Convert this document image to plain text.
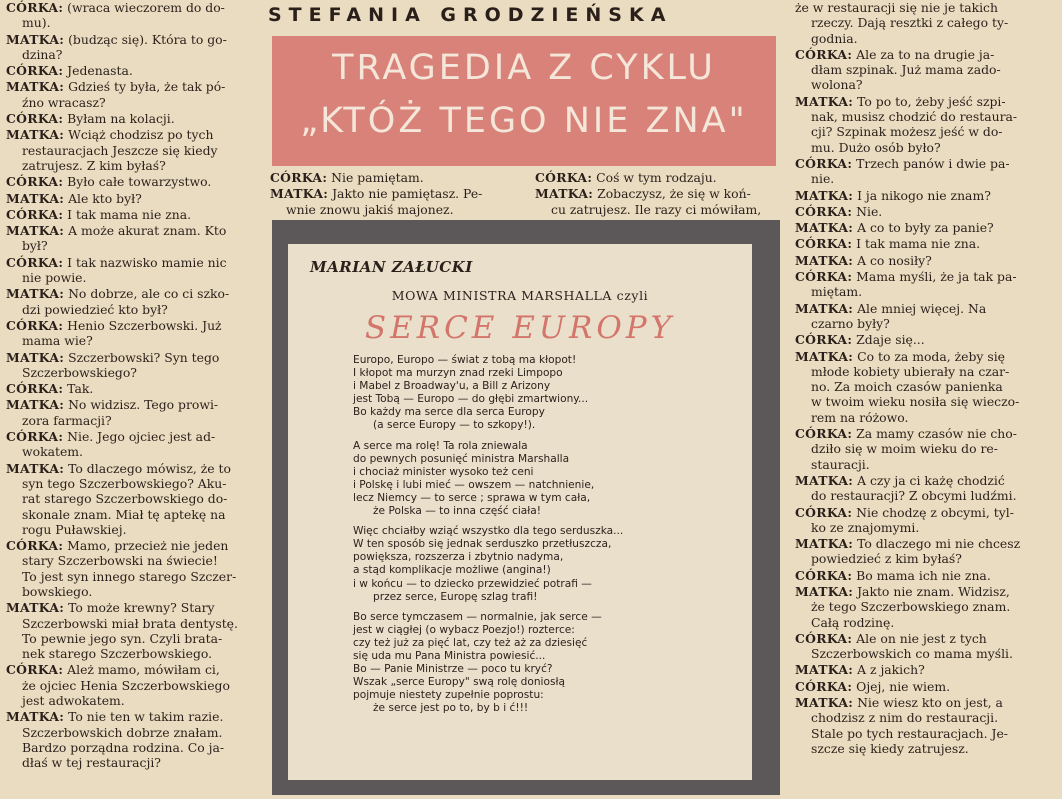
CÓRKA: (wraca wieczorem do do-
mu).
MATKA: (budząc się). Która to go-
dzina?
CÓRKA: Jedenasta.
MATKA: Gdzieś ty była, że tak pó-
źno wracasz?
CÓRKA: Byłam na kolacji.
MATKA: Wciąż chodzisz po tych
restauracjach Jeszcze się kiedy
zatrujesz. Z kim byłaś?
CÓRKA: Było całe towarzystwo.
MATKA: Ale kto był?
CÓRKA: I tak mama nie zna.
MATKA: A może akurat znam. Kto
był?
CÓRKA: I tak nazwisko mamie nic
nie powie.
MATKA: No dobrze, ale co ci szko-
dzi powiedzieć kto był?
CÓRKA: Henio Szczerbowski. Już
mama wie?
MATKA: Szczerbowski? Syn tego
Szczerbowskiego?
CÓRKA: Tak.
MATKA: No widzisz. Tego prowi-
zora farmacji?
CÓRKA: Nie. Jego ojciec jest ad-
wokatem.
MATKA: To dlaczego mówisz, że to
syn tego Szczerbowskiego? Aku-
rat starego Szczerbowskiego do-
skonale znam. Miał tę aptekę na
rogu Puławskiej.
CÓRKA: Mamo, przecież nie jeden
stary Szczerbowski na świecie!
To jest syn innego starego Szczer-
bowskiego.
MATKA: To może krewny? Stary
Szczerbowski miał brata dentystę.
To pewnie jego syn. Czyli brata-
nek starego Szczerbowskiego.
CÓRKA: Ależ mamo, mówiłam ci,
że ojciec Henia Szczerbowskiego
jest adwokatem.
MATKA: To nie ten w takim razie.
Szczerbowskich dobrze znałam.
Bardzo porządna rodzina. Co ja-
dłaś w tej restauracji?
STEFANIA GRODZIEŃSKA
TRAGEDIA Z CYKLU
„KTÓŻ TEGO NIE ZNA"
CÓRKA: Nie pamiętam.
MATKA: Jakto nie pamiętasz. Pe-
wnie znowu jakiś majonez.
CÓRKA: Coś w tym rodzaju.
MATKA: Zobaczysz, że się w koń-
cu zatrujesz. Ile razy ci mówiłam,
MARIAN ZAŁUCKI
MOWA MINISTRA MARSHALLA czyli
SERCE EUROPY
Europo, Europo — świat z tobą ma kłopot!
I kłopot ma murzyn znad rzeki Limpopo
i Mabel z Broadway'u, a Bill z Arizony
jest Tobą — Europo — do głębi zmartwiony...
Bo każdy ma serce dla serca Europy
(a serce Europy — to szkopy!).
A serce ma rolę! Ta rola zniewala
do pewnych posunięć ministra Marshalla
i chociaż minister wysoko też ceni
i Polskę i lubi mieć — owszem — natchnienie,
lecz Niemcy — to serce ; sprawa w tym cała,
że Polska — to inna część ciała!
Więc chciałby wziąć wszystko dla tego serduszka...
W ten sposób się jednak serduszko przetłuszcza,
powiększa, rozszerza i zbytnio nadyma,
a stąd komplikacje możliwe (angina!)
i w końcu — to dziecko przewidzieć potrafi —
przez serce, Europę szlag trafi!
Bo serce tymczasem — normalnie, jak serce —
jest w ciągłej (o wybacz Poezjo!) rozterce:
czy też już za pięć lat, czy też aż za dziesięć
się uda mu Pana Ministra powiesić...
Bo — Panie Ministrze — poco tu kryć?
Wszak „serce Europy" swą rolę doniosłą
pojmuje niestety zupełnie poprostu:
że serce jest po to, by b i ć!!!
że w restauracji się nie je takich
rzeczy. Dają resztki z całego ty-
godnia.
CÓRKA: Ale za to na drugie ja-
dłam szpinak. Już mama zado-
wolona?
MATKA: To po to, żeby jeść szpi-
nak, musisz chodzić do restaura-
cji? Szpinak możesz jeść w do-
mu. Dużo osób było?
CÓRKA: Trzech panów i dwie pa-
nie.
MATKA: I ja nikogo nie znam?
CÓRKA: Nie.
MATKA: A co to były za panie?
CÓRKA: I tak mama nie zna.
MATKA: A co nosiły?
CÓRKA: Mama myśli, że ja tak pa-
miętam.
MATKA: Ale mniej więcej. Na
czarno były?
CÓRKA: Zdaje się...
MATKA: Co to za moda, żeby się
młode kobiety ubierały na czar-
no. Za moich czasów panienka
w twoim wieku nosiła się wieczo-
rem na różowo.
CÓRKA: Za mamy czasów nie cho-
dziło się w moim wieku do re-
stauracji.
MATKA: A czy ja ci każę chodzić
do restauracji? Z obcymi ludźmi.
CÓRKA: Nie chodzę z obcymi, tyl-
ko ze znajomymi.
MATKA: To dlaczego mi nie chcesz
powiedzieć z kim byłaś?
CÓRKA: Bo mama ich nie zna.
MATKA: Jakto nie znam. Widzisz,
że tego Szczerbowskiego znam.
Całą rodzinę.
CÓRKA: Ale on nie jest z tych
Szczerbowskich co mama myśli.
MATKA: A z jakich?
CÓRKA: Ojej, nie wiem.
MATKA: Nie wiesz kto on jest, a
chodzisz z nim do restauracji.
Stale po tych restauracjach. Je-
szcze się kiedy zatrujesz.
